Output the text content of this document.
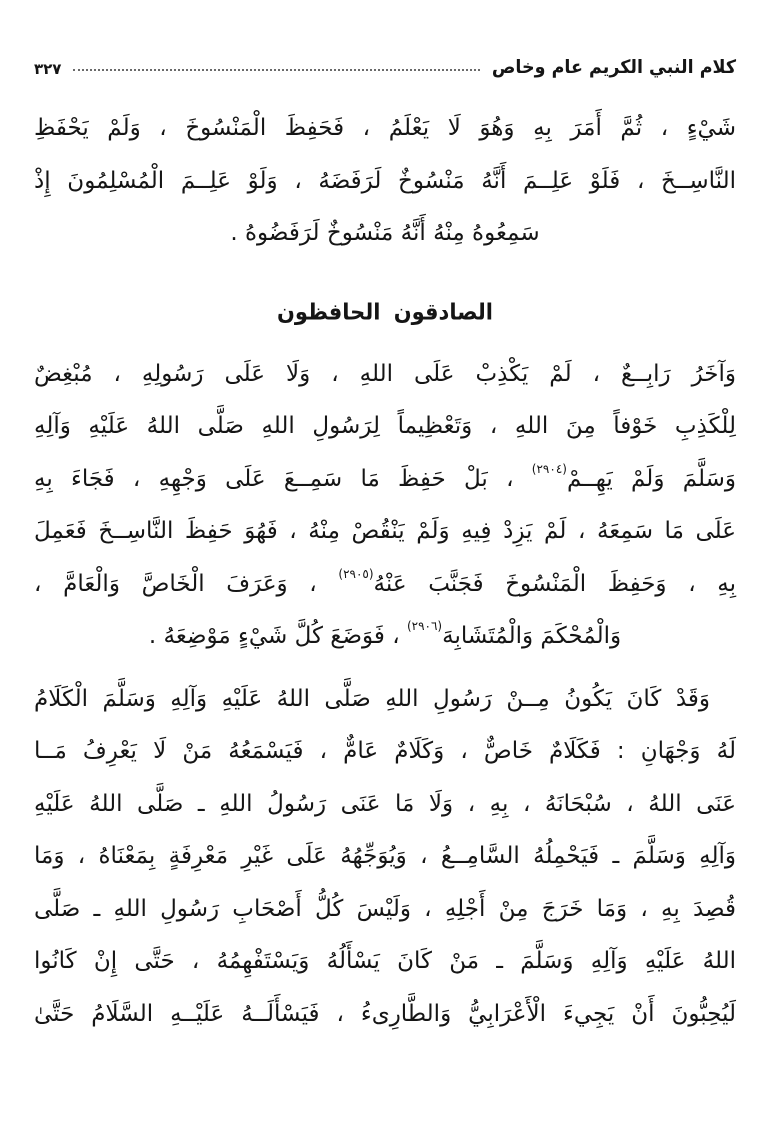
كلام النبي الكريم عام وخاص
٣٢٧
شَيْءٍ ، ثُمَّ أَمَرَ بِهِ وَهُوَ لَا يَعْلَمُ ، فَحَفِظَ الْمَنْسُوخَ ، وَلَمْ يَحْفَظِ
النَّاسِــخَ ، فَلَوْ عَلِــمَ أَنَّهُ مَنْسُوخٌ لَرَفَضَهُ ، وَلَوْ عَلِــمَ الْمُسْلِمُونَ إِذْ
سَمِعُوهُ مِنْهُ أَنَّهُ مَنْسُوخٌ لَرَفَضُوهُ .
الصادقون الحافظون
وَآخَرُ رَابِــعٌ ، لَمْ يَكْذِبْ عَلَى اللهِ ، وَلَا عَلَى رَسُولِهِ ، مُبْغِضٌ
لِلْكَذِبِ خَوْفاً مِنَ اللهِ ، وَتَعْظِيماً لِرَسُولِ اللهِ صَلَّى اللهُ عَلَيْهِ وَآلِهِ
وَسَلَّمَ وَلَمْ يَهِــمْ$^{(٢٩٠٤)}$ ، بَلْ حَفِظَ مَا سَمِــعَ عَلَى وَجْهِهِ ، فَجَاءَ بِهِ
عَلَى مَا سَمِعَهُ ، لَمْ يَزِدْ فِيهِ وَلَمْ يَنْقُصْ مِنْهُ ، فَهُوَ حَفِظَ النَّاسِــخَ فَعَمِلَ
بِهِ ، وَحَفِظَ الْمَنْسُوخَ فَجَنَّبَ عَنْهُ$^{(٢٩٠٥)}$ ، وَعَرَفَ الْخَاصَّ وَالْعَامَّ ،
وَالْمُحْكَمَ وَالْمُتَشَابِهَ$^{(٢٩٠٦)}$ ، فَوَضَعَ كُلَّ شَيْءٍ مَوْضِعَهُ .
وَقَدْ كَانَ يَكُونُ مِــنْ رَسُولِ اللهِ صَلَّى اللهُ عَلَيْهِ وَآلِهِ وَسَلَّمَ الْكَلَامُ
لَهُ وَجْهَانِ : فَكَلَامٌ خَاصٌّ ، وَكَلَامٌ عَامٌّ ، فَيَسْمَعُهُ مَنْ لَا يَعْرِفُ مَــا
عَنَى اللهُ ، سُبْحَانَهُ ، بِهِ ، وَلَا مَا عَنَى رَسُولُ اللهِ ـ صَلَّى اللهُ عَلَيْهِ
وَآلِهِ وَسَلَّمَ ـ فَيَحْمِلُهُ السَّامِــعُ ، وَيُوَجِّهُهُ عَلَى غَيْرِ مَعْرِفَةٍ بِمَعْنَاهُ ، وَمَا
قُصِدَ بِهِ ، وَمَا خَرَجَ مِنْ أَجْلِهِ ، وَلَيْسَ كُلُّ أَصْحَابِ رَسُولِ اللهِ ـ صَلَّى
اللهُ عَلَيْهِ وَآلِهِ وَسَلَّمَ ـ مَنْ كَانَ يَسْأَلُهُ وَيَسْتَفْهِمُهُ ، حَتَّى إِنْ كَانُوا
لَيُحِبُّونَ أَنْ يَجِيءَ الْأَعْرَابِيُّ وَالطَّارِىءُ ، فَيَسْأَلَــهُ عَلَيْــهِ السَّلَامُ حَتَّىٰ
